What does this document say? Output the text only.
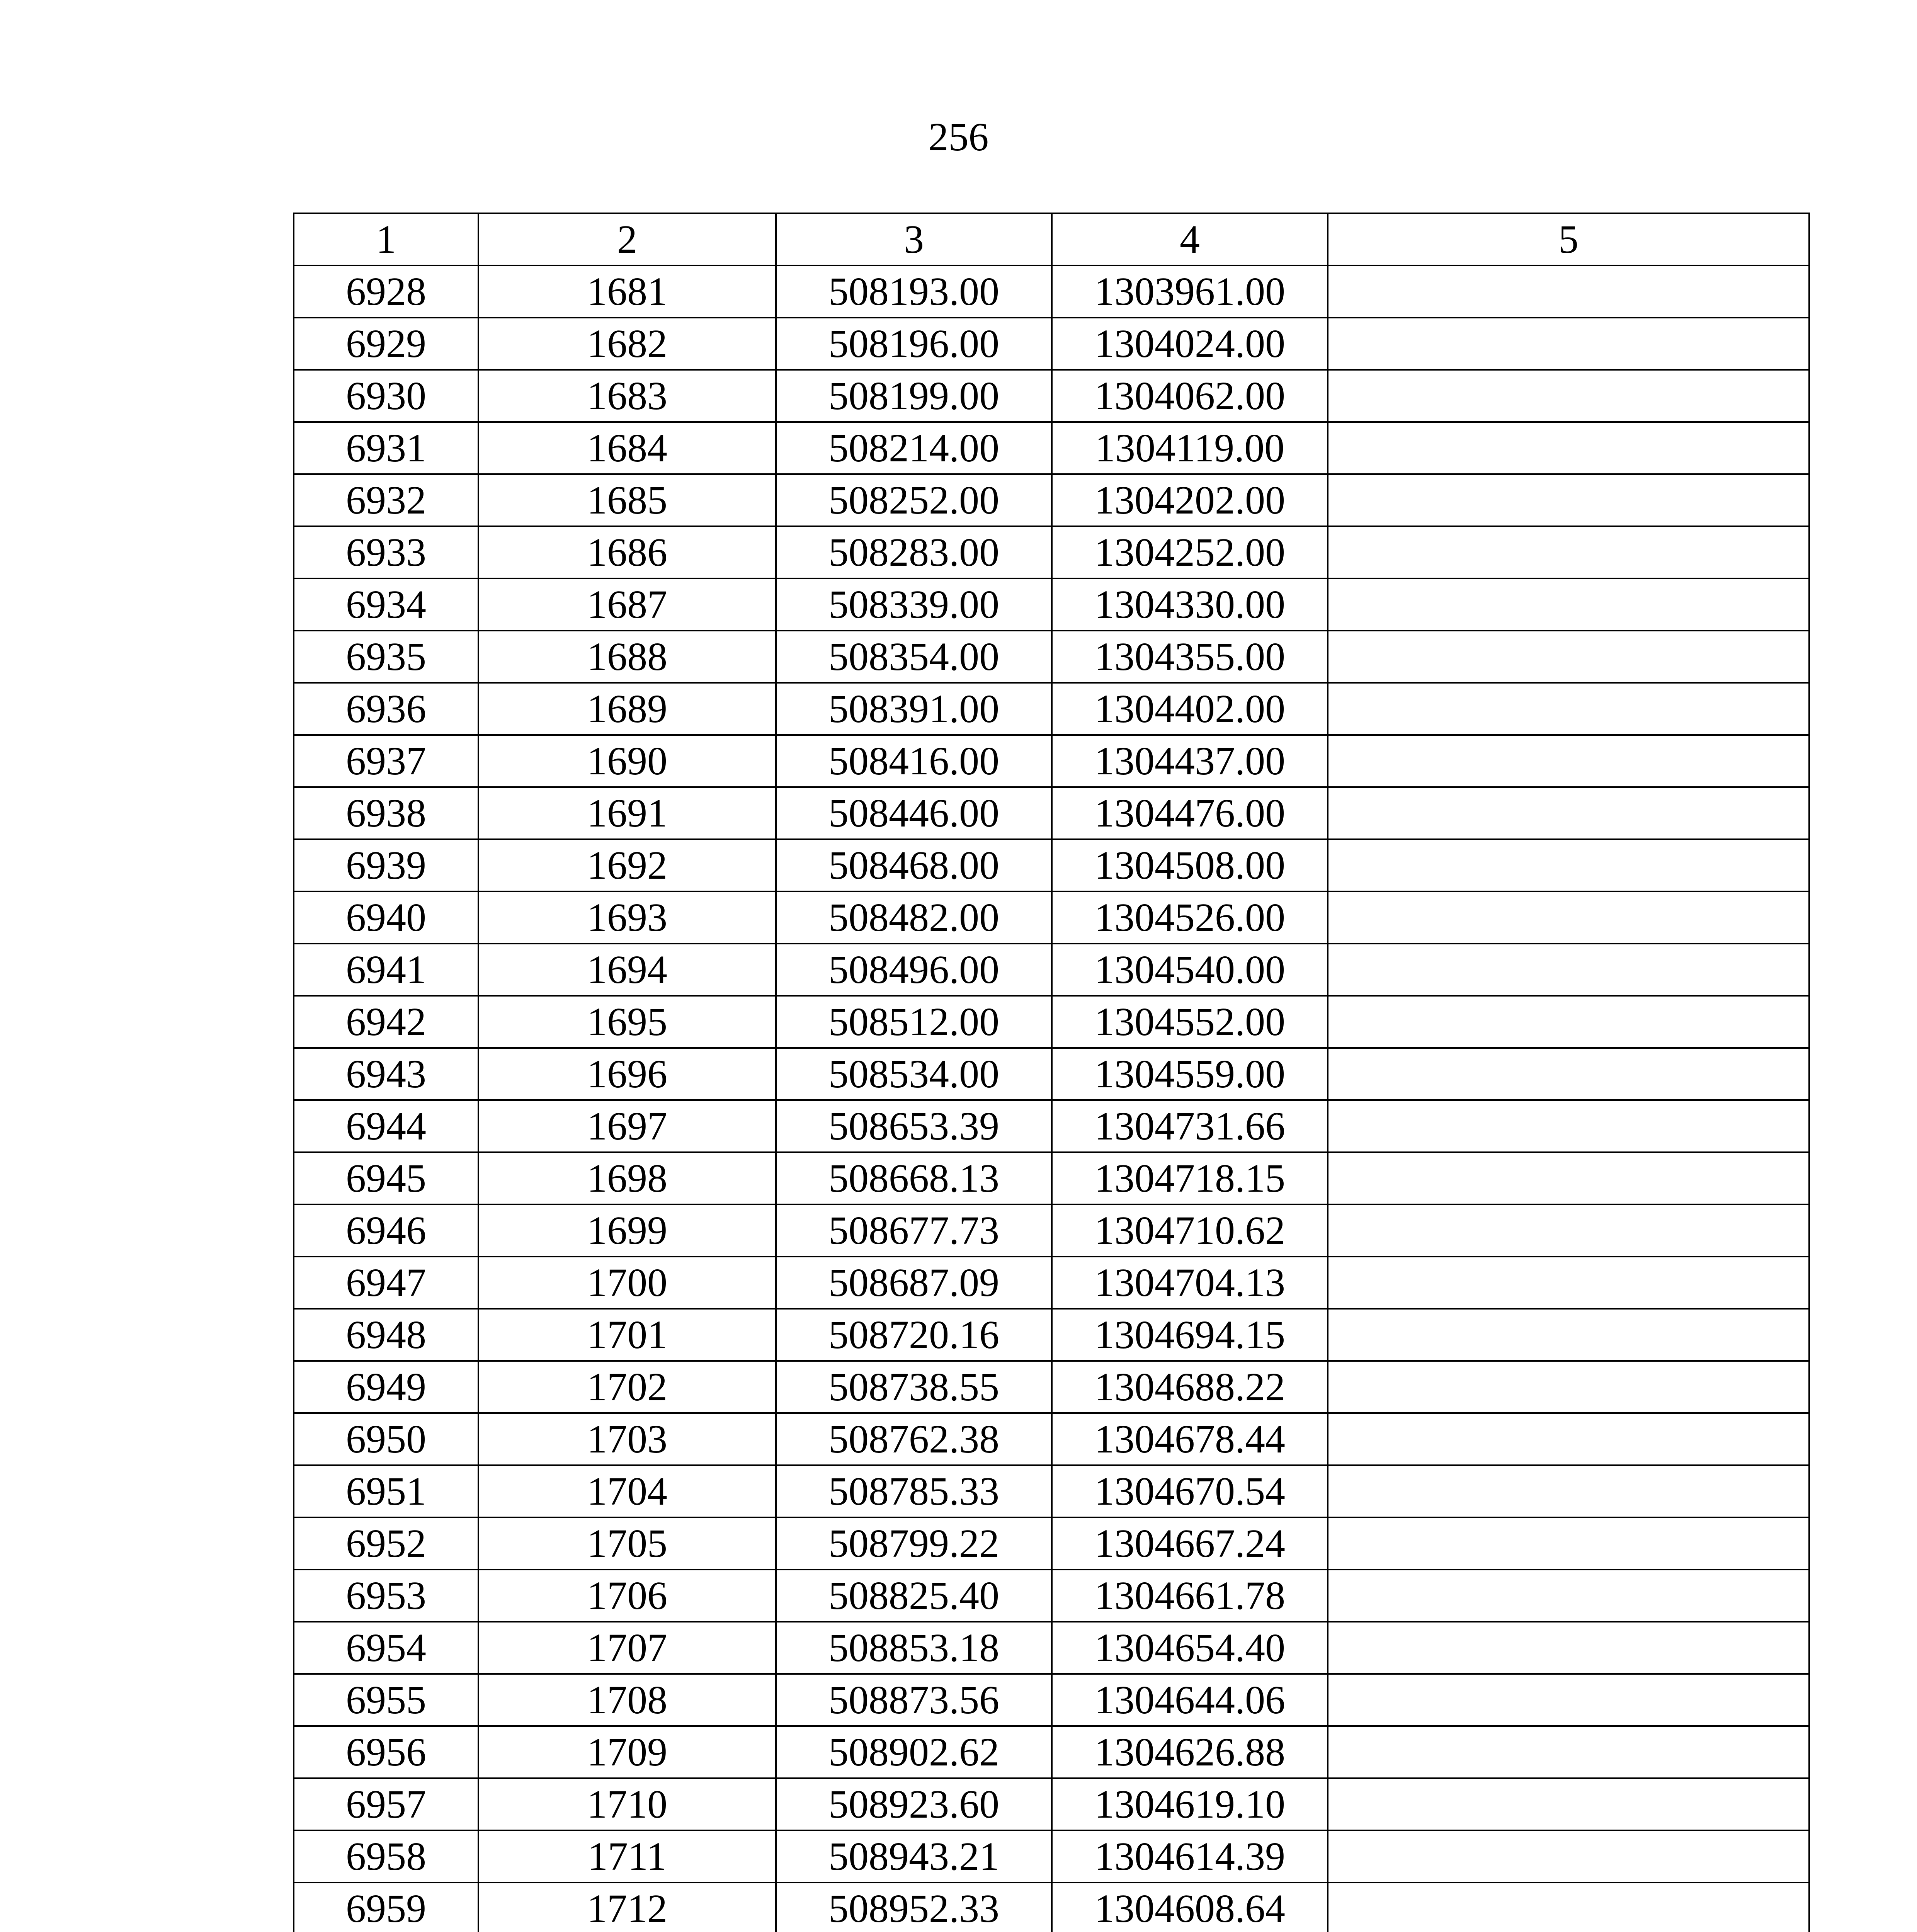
256
1	2	3	4	5
6928	1681	508193.00	1303961.00	
6929	1682	508196.00	1304024.00	
6930	1683	508199.00	1304062.00	
6931	1684	508214.00	1304119.00	
6932	1685	508252.00	1304202.00	
6933	1686	508283.00	1304252.00	
6934	1687	508339.00	1304330.00	
6935	1688	508354.00	1304355.00	
6936	1689	508391.00	1304402.00	
6937	1690	508416.00	1304437.00	
6938	1691	508446.00	1304476.00	
6939	1692	508468.00	1304508.00	
6940	1693	508482.00	1304526.00	
6941	1694	508496.00	1304540.00	
6942	1695	508512.00	1304552.00	
6943	1696	508534.00	1304559.00	
6944	1697	508653.39	1304731.66	
6945	1698	508668.13	1304718.15	
6946	1699	508677.73	1304710.62	
6947	1700	508687.09	1304704.13	
6948	1701	508720.16	1304694.15	
6949	1702	508738.55	1304688.22	
6950	1703	508762.38	1304678.44	
6951	1704	508785.33	1304670.54	
6952	1705	508799.22	1304667.24	
6953	1706	508825.40	1304661.78	
6954	1707	508853.18	1304654.40	
6955	1708	508873.56	1304644.06	
6956	1709	508902.62	1304626.88	
6957	1710	508923.60	1304619.10	
6958	1711	508943.21	1304614.39	
6959	1712	508952.33	1304608.64	
